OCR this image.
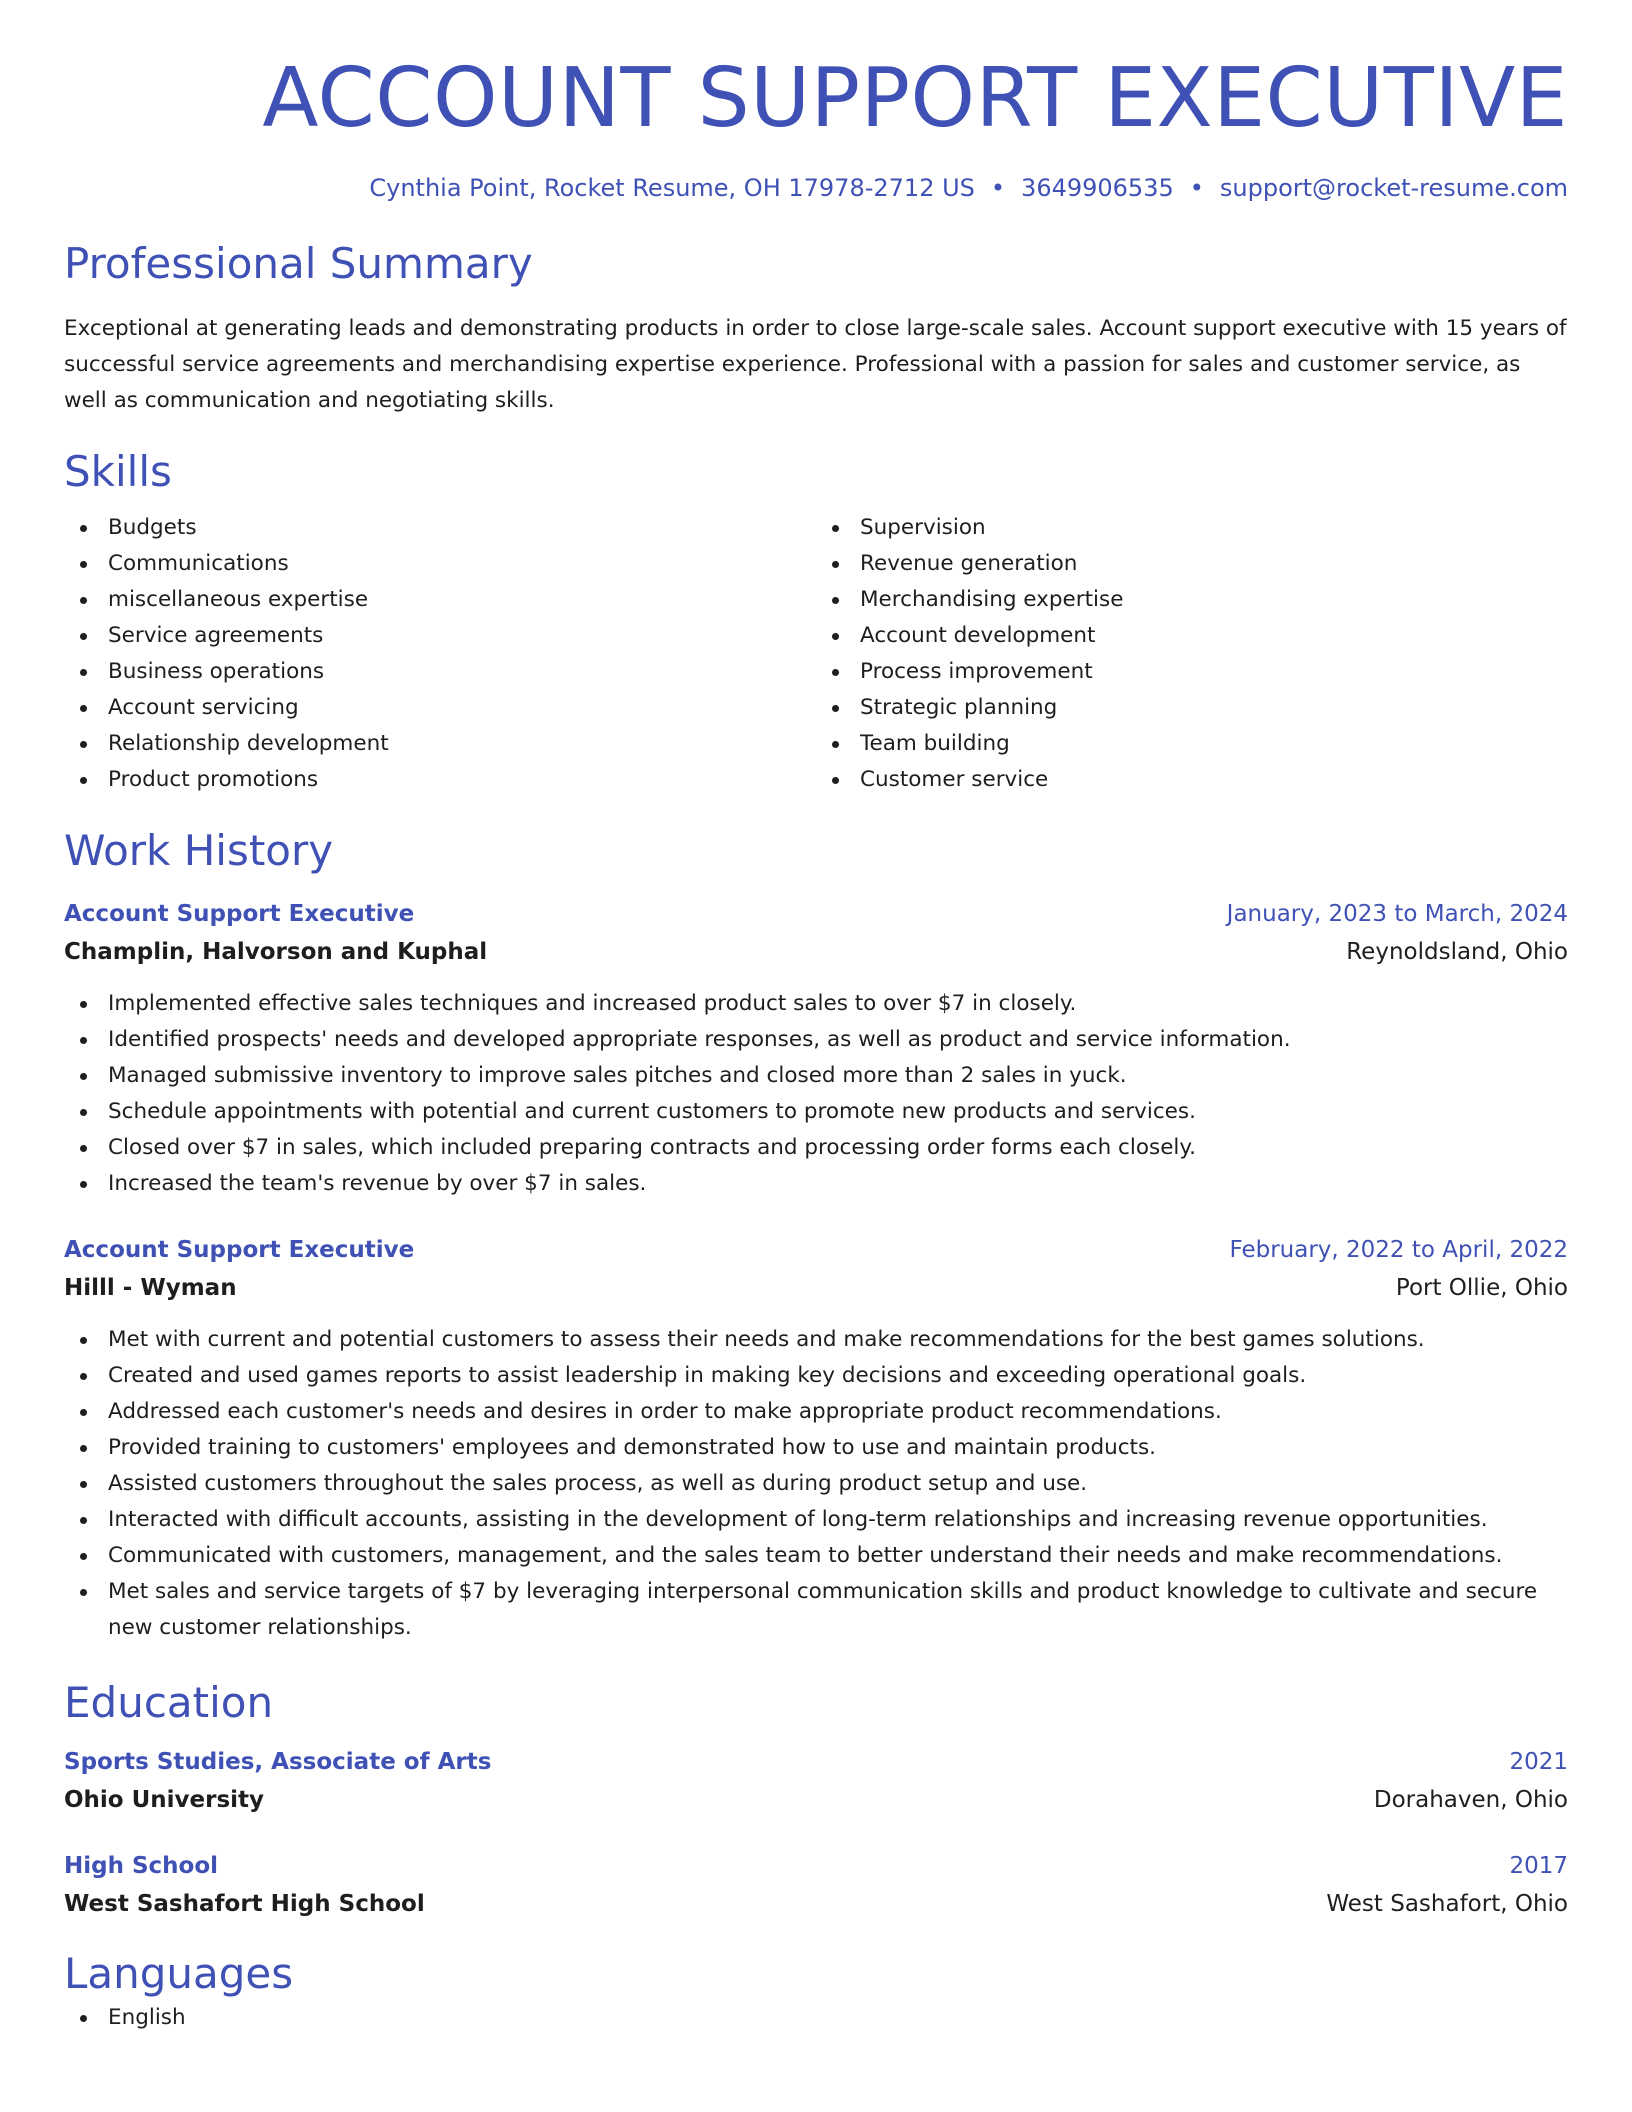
ACCOUNT SUPPORT EXECUTIVE
Cynthia Point, Rocket Resume, OH 17978-2712 US • 3649906535 • support@rocket-resume.com
Professional Summary
Exceptional at generating leads and demonstrating products in order to close large-scale sales. Account support executive with 15 years of successful service agreements and merchandising expertise experience. Professional with a passion for sales and customer service, as well as communication and negotiating skills.
Skills
Budgets
Communications
miscellaneous expertise
Service agreements
Business operations
Account servicing
Relationship development
Product promotions
Supervision
Revenue generation
Merchandising expertise
Account development
Process improvement
Strategic planning
Team building
Customer service
Work History
Account Support Executive	January, 2023 to March, 2024
Champlin, Halvorson and Kuphal	Reynoldsland, Ohio
Implemented effective sales techniques and increased product sales to over $7 in closely.
Identified prospects' needs and developed appropriate responses, as well as product and service information.
Managed submissive inventory to improve sales pitches and closed more than 2 sales in yuck.
Schedule appointments with potential and current customers to promote new products and services.
Closed over $7 in sales, which included preparing contracts and processing order forms each closely.
Increased the team's revenue by over $7 in sales.
Account Support Executive	February, 2022 to April, 2022
Hilll - Wyman	Port Ollie, Ohio
Met with current and potential customers to assess their needs and make recommendations for the best games solutions.
Created and used games reports to assist leadership in making key decisions and exceeding operational goals.
Addressed each customer's needs and desires in order to make appropriate product recommendations.
Provided training to customers' employees and demonstrated how to use and maintain products.
Assisted customers throughout the sales process, as well as during product setup and use.
Interacted with difficult accounts, assisting in the development of long-term relationships and increasing revenue opportunities.
Communicated with customers, management, and the sales team to better understand their needs and make recommendations.
Met sales and service targets of $7 by leveraging interpersonal communication skills and product knowledge to cultivate and secure new customer relationships.
Education
Sports Studies, Associate of Arts	2021
Ohio University	Dorahaven, Ohio
High School	2017
West Sashafort High School	West Sashafort, Ohio
Languages
English
